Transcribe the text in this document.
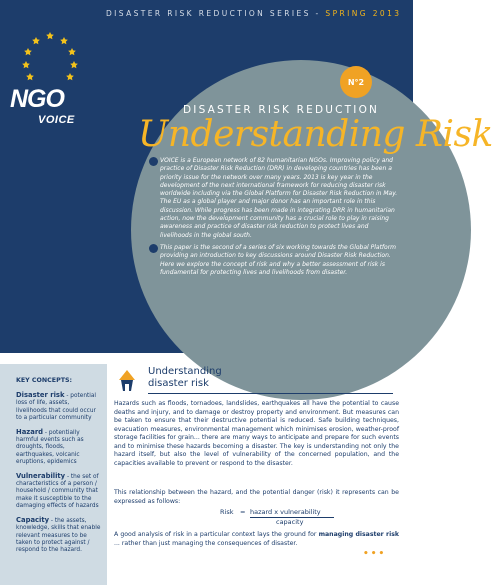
DISASTER RISK REDUCTION SERIES - SPRING 2013
NGO
VOICE
N°2
DISASTER RISK REDUCTION
Understanding Risk

VOICE is a European network of 82 humanitarian NGOs. Improving policy and practice of Disaster Risk Reduction (DRR) in developing countries has been a priority issue for the network over many years. 2013 is key year in the development of the next international framework for reducing disaster risk worldwide including via the Global Platform for Disaster Risk Reduction in May. The EU as a global player and major donor has an important role in this discussion. While progress has been made in integrating DRR in humanitarian action, now the development community has a crucial role to play in raising awareness and practice of disaster risk reduction to protect lives and livelihoods in the global south.

This paper is the second of a series of six working towards the Global Platform providing an introduction to key discussions around Disaster Risk Reduction. Here we explore the concept of risk and why a better assessment of risk is fundamental for protecting lives and livelihoods from disaster.

KEY CONCEPTS:
Disaster risk - potential loss of life, assets, livelihoods that could occur to a particular community
Hazard - potentially harmful events such as droughts, floods, earthquakes, volcanic eruptions, epidemics
Vulnerability - the set of characteristics of a person / household / community that make it susceptible to the damaging effects of hazards
Capacity - the assets, knowledge, skills that enable relevant measures to be taken to protect against / respond to the hazard.
Understanding
disaster risk

Hazards such as floods, tornadoes, landslides, earthquakes all have the potential to cause deaths and injury, and to damage or destroy property and environment. But measures can be taken to ensure that their destructive potential is reduced. Safe building techniques, evacuation measures, environmental management which minimises erosion, weather-proof storage facilities for grain... there are many ways to anticipate and prepare for such events and to minimise these hazards becoming a disaster. The key is understanding not only the hazard itself, but also the level of vulnerability of the concerned population, and the capacities available to prevent or respond to the disaster.

This relationship between the hazard, and the potential danger (risk) it represents can be expressed as follows:

Risk = hazard x vulnerability
capacity

A good analysis of risk in a particular context lays the ground for managing disaster risk ... rather than just managing the consequences of disaster.

•••
